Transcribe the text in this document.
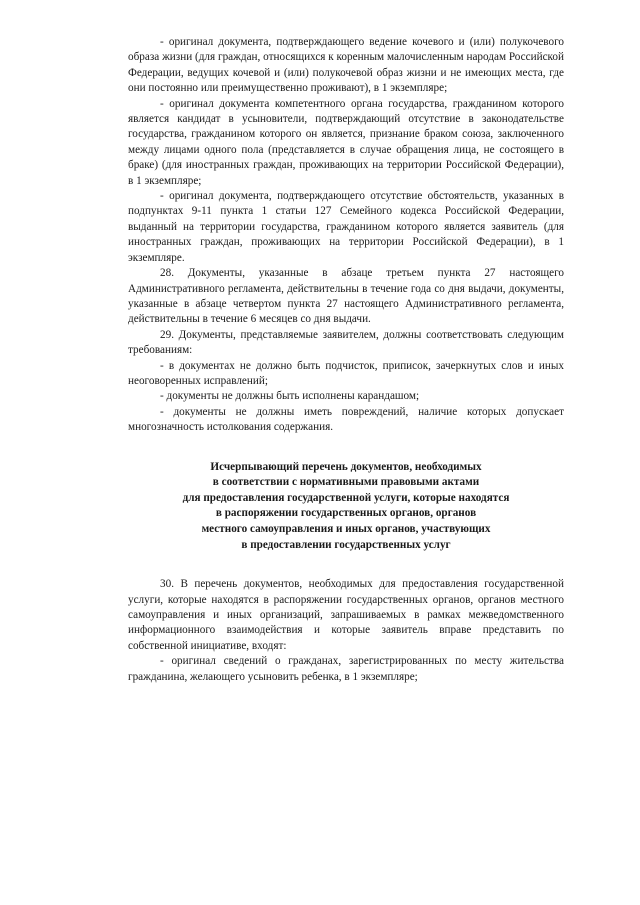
- оригинал документа, подтверждающего ведение кочевого и (или) полукочевого образа жизни (для граждан, относящихся к коренным малочисленным народам Российской Федерации, ведущих кочевой и (или) полукочевой образ жизни и не имеющих места, где они постоянно или преимущественно проживают), в 1 экземпляре;

- оригинал документа компетентного органа государства, гражданином которого является кандидат в усыновители, подтверждающий отсутствие в законодательстве государства, гражданином которого он является, признание браком союза, заключенного между лицами одного пола (представляется в случае обращения лица, не состоящего в браке) (для иностранных граждан, проживающих на территории Российской Федерации), в 1 экземпляре;

- оригинал документа, подтверждающего отсутствие обстоятельств, указанных в подпунктах 9-11 пункта 1 статьи 127 Семейного кодекса Российской Федерации, выданный на территории государства, гражданином которого является заявитель (для иностранных граждан, проживающих на территории Российской Федерации), в 1 экземпляре.

28. Документы, указанные в абзаце третьем пункта 27 настоящего Административного регламента, действительны в течение года со дня выдачи, документы, указанные в абзаце четвертом пункта 27 настоящего Административного регламента, действительны в течение 6 месяцев со дня выдачи.

29. Документы, представляемые заявителем, должны соответствовать следующим требованиям:

- в документах не должно быть подчисток, приписок, зачеркнутых слов и иных неоговоренных исправлений;

- документы не должны быть исполнены карандашом;

- документы не должны иметь повреждений, наличие которых допускает многозначность истолкования содержания.

Исчерпывающий перечень документов, необходимых
в соответствии с нормативными правовыми актами
для предоставления государственной услуги, которые находятся
в распоряжении государственных органов, органов
местного самоуправления и иных органов, участвующих
в предоставлении государственных услуг

30. В перечень документов, необходимых для предоставления государственной услуги, которые находятся в распоряжении государственных органов, органов местного самоуправления и иных организаций, запрашиваемых в рамках межведомственного информационного взаимодействия и которые заявитель вправе представить по собственной инициативе, входят:

- оригинал сведений о гражданах, зарегистрированных по месту жительства гражданина, желающего усыновить ребенка, в 1 экземпляре;
